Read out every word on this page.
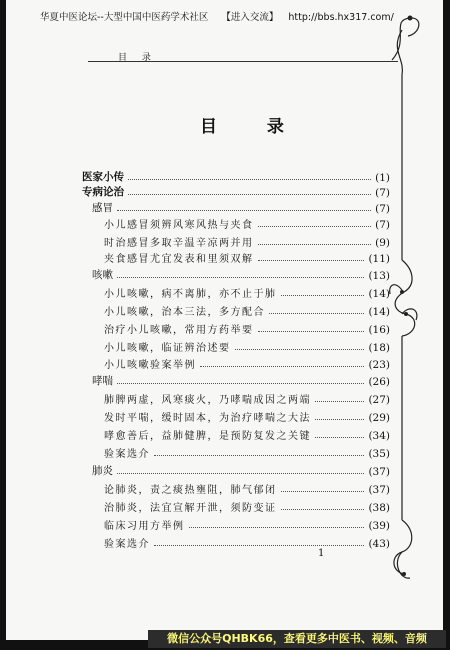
华夏中医论坛--大型中国中医药学术社区 【进入交流】 http://bbs.hx317.com/
目 录
目 录
医家小传	(1)
专病论治	(7)
感冒	(7)
小儿感冒须辨风寒风热与夹食	(7)
时治感冒多取辛温辛凉两并用	(9)
夹食感冒尤宜发表和里须双解	(11)
咳嗽	(13)
小儿咳嗽，病不离肺，亦不止于肺	(14)
小儿咳嗽，治本三法，多方配合	(14)
治疗小儿咳嗽，常用方药举要	(16)
小儿咳嗽，临证辨治述要	(18)
小儿咳嗽验案举例	(23)
哮喘	(26)
肺脾两虚，风寒痰火，乃哮喘成因之两端	(27)
发时平喘，缓时固本，为治疗哮喘之大法	(29)
哮愈善后，益肺健脾，是预防复发之关键	(34)
验案选介	(35)
肺炎	(37)
论肺炎，责之痰热壅阻，肺气郁闭	(37)
治肺炎，法宜宣解开泄，须防变证	(38)
临床习用方举例	(39)
验案选介	(43)
1
微信公众号QHBK66，查看更多中医书、视频、音频
